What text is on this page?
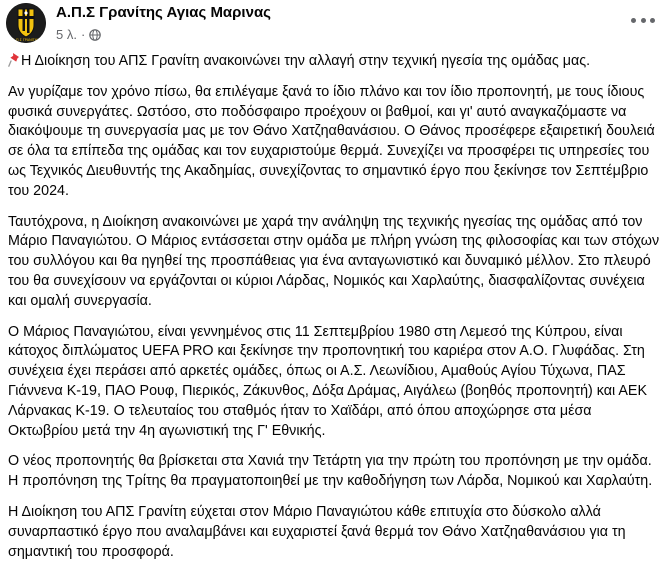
Α.Π.Σ ΓΡΑΝΙΤΗΣ
Α.Π.Σ Γρανίτης Αγιας Μαρινας
5 λ. ·

Η Διοίκηση του ΑΠΣ Γρανίτη ανακοινώνει την αλλαγή στην τεχνική ηγεσία της ομάδας μας.

Αν γυρίζαμε τον χρόνο πίσω, θα επιλέγαμε ξανά το ίδιο πλάνο και τον ίδιο προπονητή, με τους ίδιους φυσικά συνεργάτες. Ωστόσο, στο ποδόσφαιρο προέχουν οι βαθμοί, και γι' αυτό αναγκαζόμαστε να διακόψουμε τη συνεργασία μας με τον Θάνο Χατζηαθανάσιου. Ο Θάνος προσέφερε εξαιρετική δουλειά σε όλα τα επίπεδα της ομάδας και τον ευχαριστούμε θερμά. Συνεχίζει να προσφέρει τις υπηρεσίες του ως Τεχνικός Διευθυντής της Ακαδημίας, συνεχίζοντας το σημαντικό έργο που ξεκίνησε τον Σεπτέμβριο του 2024.

Ταυτόχρονα, η Διοίκηση ανακοινώνει με χαρά την ανάληψη της τεχνικής ηγεσίας της ομάδας από τον Μάριο Παναγιώτου. Ο Μάριος εντάσσεται στην ομάδα με πλήρη γνώση της φιλοσοφίας και των στόχων του συλλόγου και θα ηγηθεί της προσπάθειας για ένα ανταγωνιστικό και δυναμικό μέλλον. Στο πλευρό του θα συνεχίσουν να εργάζονται οι κύριοι Λάρδας, Νομικός και Χαρλαύτης, διασφαλίζοντας συνέχεια και ομαλή συνεργασία.

Ο Μάριος Παναγιώτου, είναι γεννημένος στις 11 Σεπτεμβρίου 1980 στη Λεμεσό της Κύπρου, είναι κάτοχος διπλώματος UEFA PRO και ξεκίνησε την προπονητική του καριέρα στον Α.Ο. Γλυφάδας. Στη συνέχεια έχει περάσει από αρκετές ομάδες, όπως οι Α.Σ. Λεωνίδιου, Αμαθούς Αγίου Τύχωνα, ΠΑΣ Γιάννενα Κ-19, ΠΑΟ Ρουφ, Πιερικός, Ζάκυνθος, Δόξα Δράμας, Αιγάλεω (βοηθός προπονητή) και ΑΕΚ Λάρνακας Κ-19. Ο τελευταίος του σταθμός ήταν το Χαϊδάρι, από όπου αποχώρησε στα μέσα Οκτωβρίου μετά την 4η αγωνιστική της Γ' Εθνικής.

Ο νέος προπονητής θα βρίσκεται στα Χανιά την Τετάρτη για την πρώτη του προπόνηση με την ομάδα. Η προπόνηση της Τρίτης θα πραγματοποιηθεί με την καθοδήγηση των Λάρδα, Νομικού και Χαρλαύτη.

Η Διοίκηση του ΑΠΣ Γρανίτη εύχεται στον Μάριο Παναγιώτου κάθε επιτυχία στο δύσκολο αλλά συναρπαστικό έργο που αναλαμβάνει και ευχαριστεί ξανά θερμά τον Θάνο Χατζηαθανάσιου για τη σημαντική του προσφορά.
